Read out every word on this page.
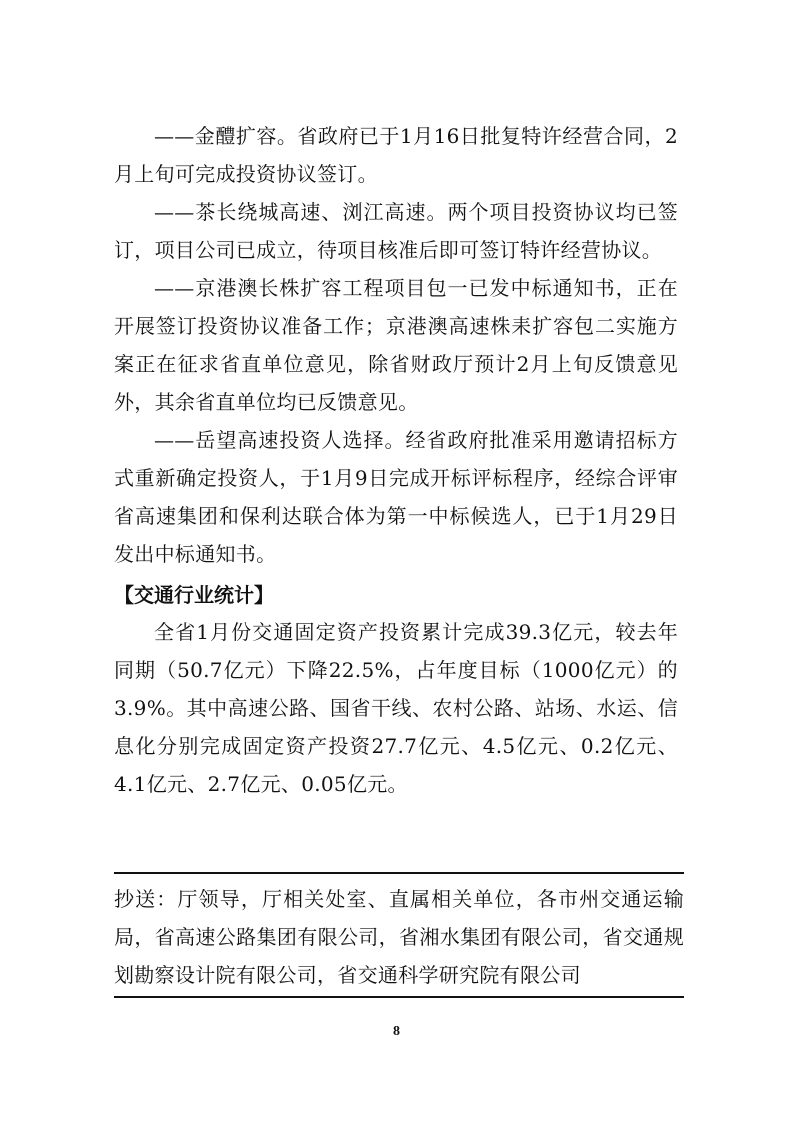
——金醴扩容。省政府已于1月16日批复特许经营合同，2月上旬可完成投资协议签订。

——茶长绕城高速、浏江高速。两个项目投资协议均已签订，项目公司已成立，待项目核准后即可签订特许经营协议。

——京港澳长株扩容工程项目包一已发中标通知书，正在开展签订投资协议准备工作；京港澳高速株耒扩容包二实施方案正在征求省直单位意见，除省财政厅预计2月上旬反馈意见外，其余省直单位均已反馈意见。

——岳望高速投资人选择。经省政府批准采用邀请招标方式重新确定投资人，于1月9日完成开标评标程序，经综合评审省高速集团和保利达联合体为第一中标候选人，已于1月29日发出中标通知书。

【交通行业统计】

全省1月份交通固定资产投资累计完成39.3亿元，较去年同期（50.7亿元）下降22.5%，占年度目标（1000亿元）的3.9%。其中高速公路、国省干线、农村公路、站场、水运、信息化分别完成固定资产投资27.7亿元、4.5亿元、0.2亿元、4.1亿元、2.7亿元、0.05亿元。

抄送：厅领导，厅相关处室、直属相关单位，各市州交通运输局，省高速公路集团有限公司，省湘水集团有限公司，省交通规划勘察设计院有限公司，省交通科学研究院有限公司

8
